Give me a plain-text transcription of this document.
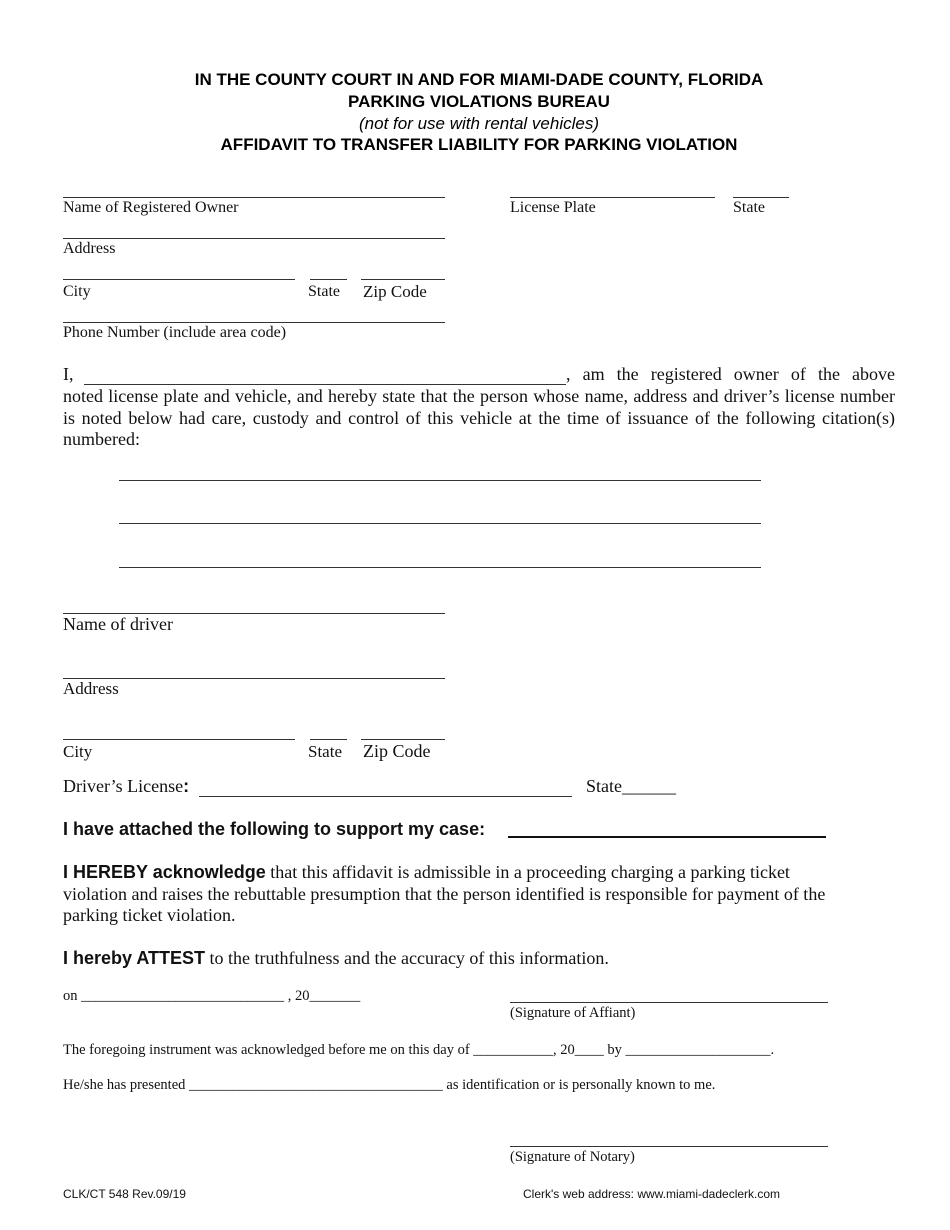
IN THE COUNTY COURT IN AND FOR MIAMI-DADE COUNTY, FLORIDA
PARKING VIOLATIONS BUREAU
(not for use with rental vehicles)
AFFIDAVIT TO TRANSFER LIABILITY FOR PARKING VIOLATION
Name of Registered Owner	License Plate	State
Address
City	State Zip Code
Phone Number (include area code)
I,	, am the registered owner of the above
noted license plate and vehicle, and hereby state that the person whose name, address and driver’s license number is noted below had care, custody and control of this vehicle at the time of issuance of the following citation(s) numbered:
Name of driver
Address
City	State Zip Code
Driver’s License:	State______
I have attached the following to support my case:
I HEREBY acknowledge that this affidavit is admissible in a proceeding charging a parking ticket violation and raises the rebuttable presumption that the person identified is responsible for payment of the parking ticket violation.
I hereby ATTEST to the truthfulness and the accuracy of this information.
on ____________________________ , 20_______
(Signature of Affiant)
The foregoing instrument was acknowledged before me on this day of ___________, 20____ by ____________________.
He/she has presented ___________________________________ as identification or is personally known to me.
(Signature of Notary)
CLK/CT 548 Rev.09/19	Clerk's web address: www.miami-dadeclerk.com
